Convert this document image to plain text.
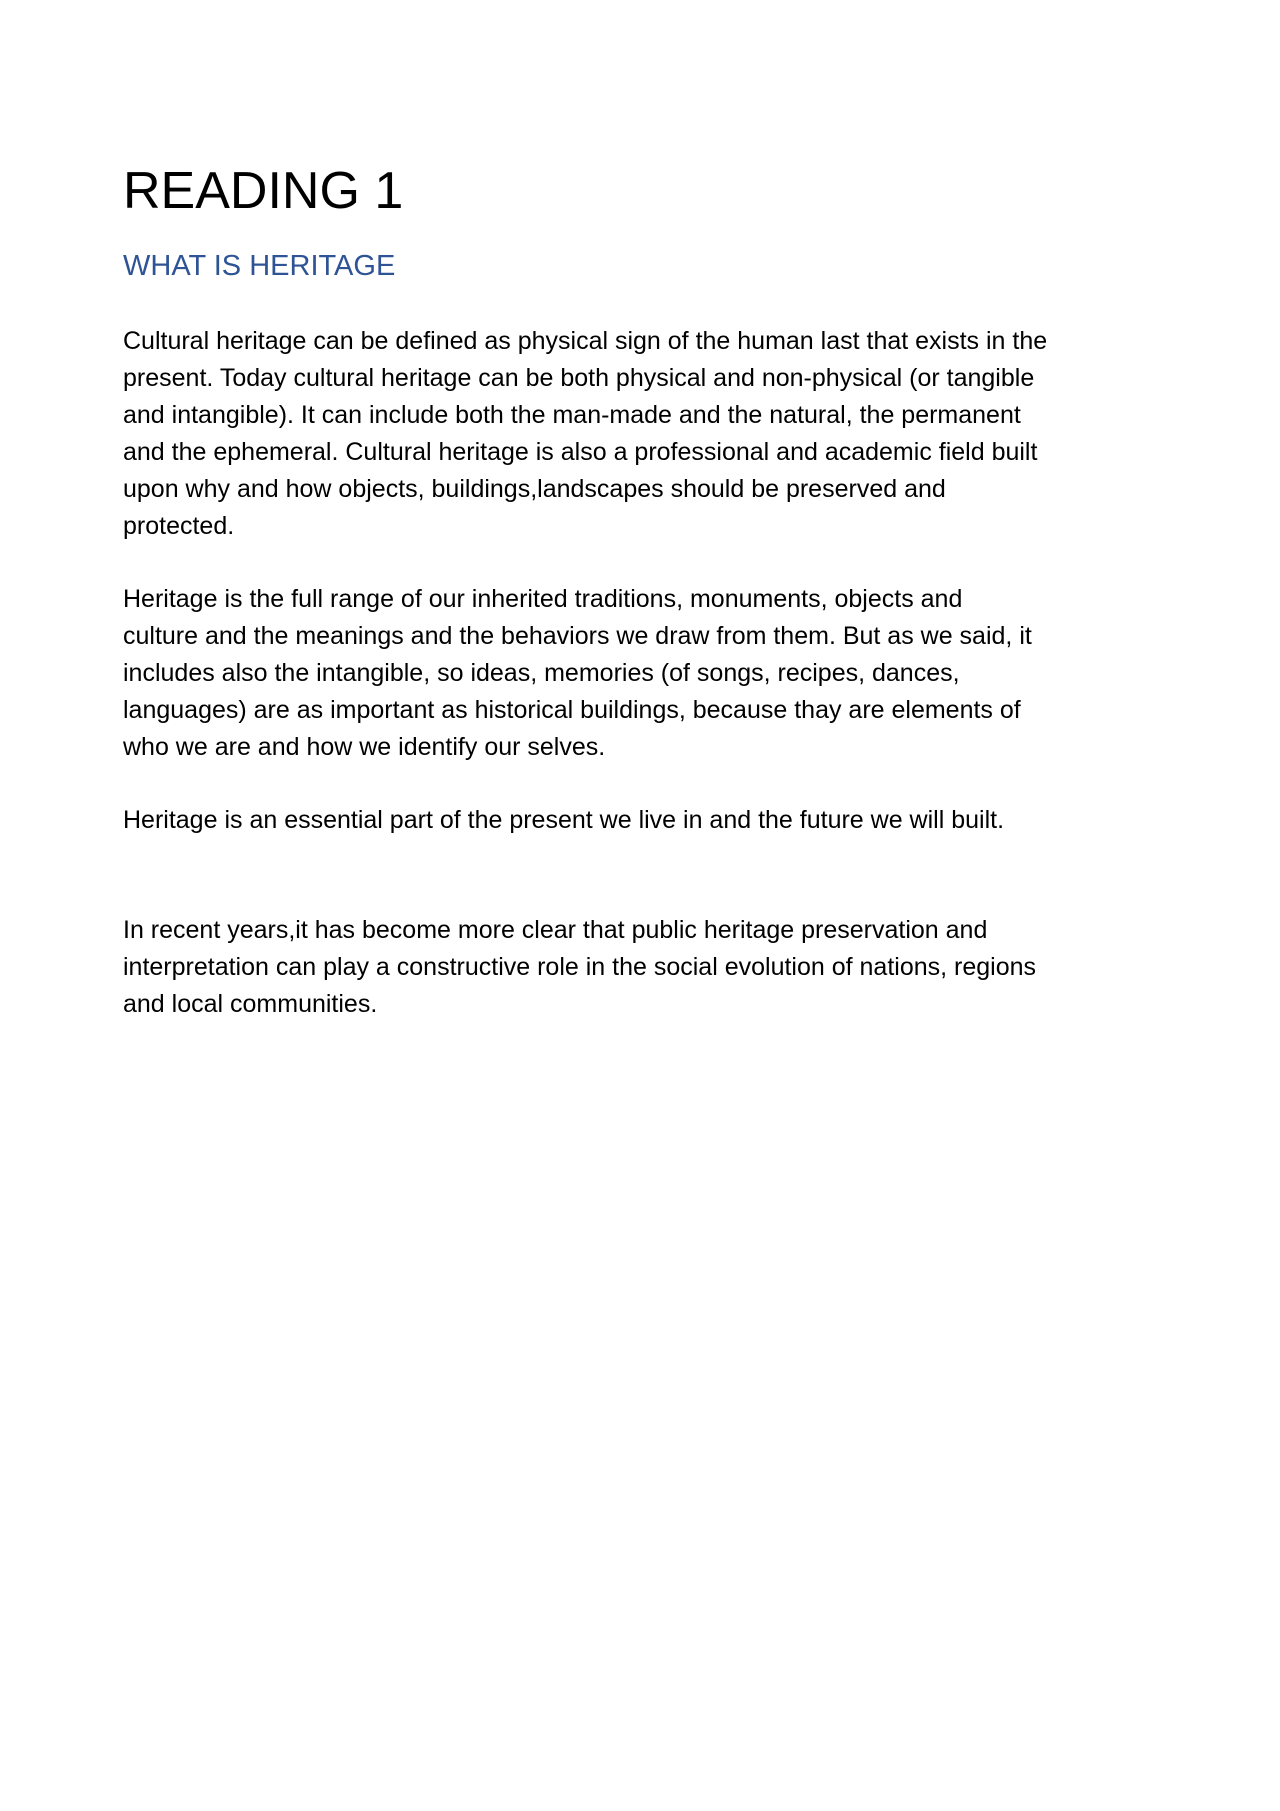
READING 1
WHAT IS HERITAGE

Cultural heritage can be defined as physical sign of the human last that exists in the
present. Today cultural heritage can be both physical and non-physical (or tangible
and intangible). It can include both the man-made and the natural, the permanent
and the ephemeral. Cultural heritage is also a professional and academic field built
upon why and how objects, buildings,landscapes should be preserved and
protected.

Heritage is the full range of our inherited traditions, monuments, objects and
culture and the meanings and the behaviors we draw from them. But as we said, it
includes also the intangible, so ideas, memories (of songs, recipes, dances,
languages) are as important as historical buildings, because thay are elements of
who we are and how we identify our selves.

Heritage is an essential part of the present we live in and the future we will built.

In recent years,it has become more clear that public heritage preservation and
interpretation can play a constructive role in the social evolution of nations, regions
and local communities.
